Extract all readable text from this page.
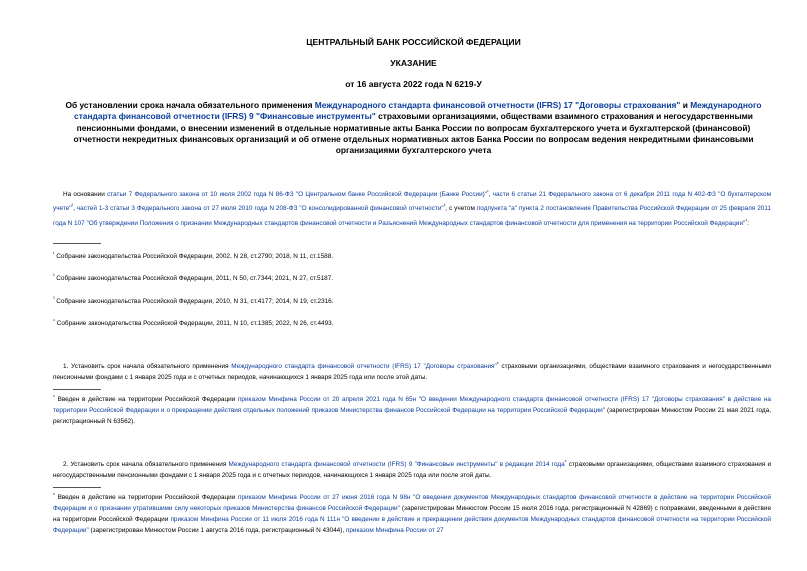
ЦЕНТРАЛЬНЫЙ БАНК РОССИЙСКОЙ ФЕДЕРАЦИИ
УКАЗАНИЕ
от 16 августа 2022 года N 6219-У
Об установлении срока начала обязательного применения Международного стандарта финансовой отчетности (IFRS) 17 "Договоры страхования" и Международного стандарта финансовой отчетности (IFRS) 9 "Финансовые инструменты" страховыми организациями, обществами взаимного страхования и негосударственными пенсионными фондами, о внесении изменений в отдельные нормативные акты Банка России по вопросам бухгалтерского учета и бухгалтерской (финансовой) отчетности некредитных финансовых организаций и об отмене отдельных нормативных актов Банка России по вопросам ведения некредитными финансовыми организациями бухгалтерского учета
На основании статьи 7 Федерального закона от 10 июля 2002 года N 86-ФЗ "О Центральном банке Российской Федерации (Банке России)"$^{^1}$, части 6 статьи 21 Федерального закона от 6 декабря 2011 года N 402-ФЗ "О бухгалтерском учете"$^{^2}$, частей 1-3 статьи 3 Федерального закона от 27 июля 2010 года N 208-ФЗ "О консолидированной финансовой отчетности"$^{^3}$, с учетом подпункта "а" пункта 2 постановления Правительства Российской Федерации от 25 февраля 2011 года N 107 "Об утверждении Положения о признании Международных стандартов финансовой отчетности и Разъяснений Международных стандартов финансовой отчетности для применения на территории Российской Федерации"$^{^4}$:
$^{^1}$ Собрание законодательства Российской Федерации, 2002, N 28, ст.2790; 2018, N 11, ст.1588.
$^{^2}$ Собрание законодательства Российской Федерации, 2011, N 50, ст.7344; 2021, N 27, ст.5187.
$^{^3}$ Собрание законодательства Российской Федерации, 2010, N 31, ст.4177; 2014, N 19, ст.2316.
$^{^4}$ Собрание законодательства Российской Федерации, 2011, N 10, ст.1385; 2022, N 26, ст.4493.
1. Установить срок начала обязательного применения Международного стандарта финансовой отчетности (IFRS) 17 "Договоры страхования"$^{^5}$ страховыми организациями, обществами взаимного страхования и негосударственными пенсионными фондами с 1 января 2025 года и с отчетных периодов, начинающихся 1 января 2025 года или после этой даты.
$^{^5}$ Введен в действие на территории Российской Федерации приказом Минфина России от 20 апреля 2021 года N 65н "О введении Международного стандарта финансовой отчетности (IFRS) 17 "Договоры страхования" в действие на территории Российской Федерации и о прекращении действия отдельных положений приказов Министерства финансов Российской Федерации на территории Российской Федерации" (зарегистрирован Минюстом России 21 мая 2021 года, регистрационный N 63562).
2. Установить срок начала обязательного применения Международного стандарта финансовой отчетности (IFRS) 9 "Финансовые инструменты" в редакции 2014 года$^{^6}$ страховыми организациями, обществами взаимного страхования и негосударственными пенсионными фондами с 1 января 2025 года и с отчетных периодов, начинающихся 1 января 2025 года или после этой даты.
$^{^6}$ Введен в действие на территории Российской Федерации приказом Минфина России от 27 июня 2016 года N 98н "О введении документов Международных стандартов финансовой отчетности в действие на территории Российской Федерации и о признании утратившими силу некоторых приказов Министерства финансов Российской Федерации" (зарегистрирован Минюстом России 15 июля 2016 года, регистрационный N 42869) с поправками, введенными в действие на территории Российской Федерации приказом Минфина России от 11 июля 2016 года N 111н "О введении в действие и прекращении действия документов Международных стандартов финансовой отчетности на территории Российской Федерации" (зарегистрирован Минюстом России 1 августа 2016 года, регистрационный N 43044), приказом Минфина России от 27
